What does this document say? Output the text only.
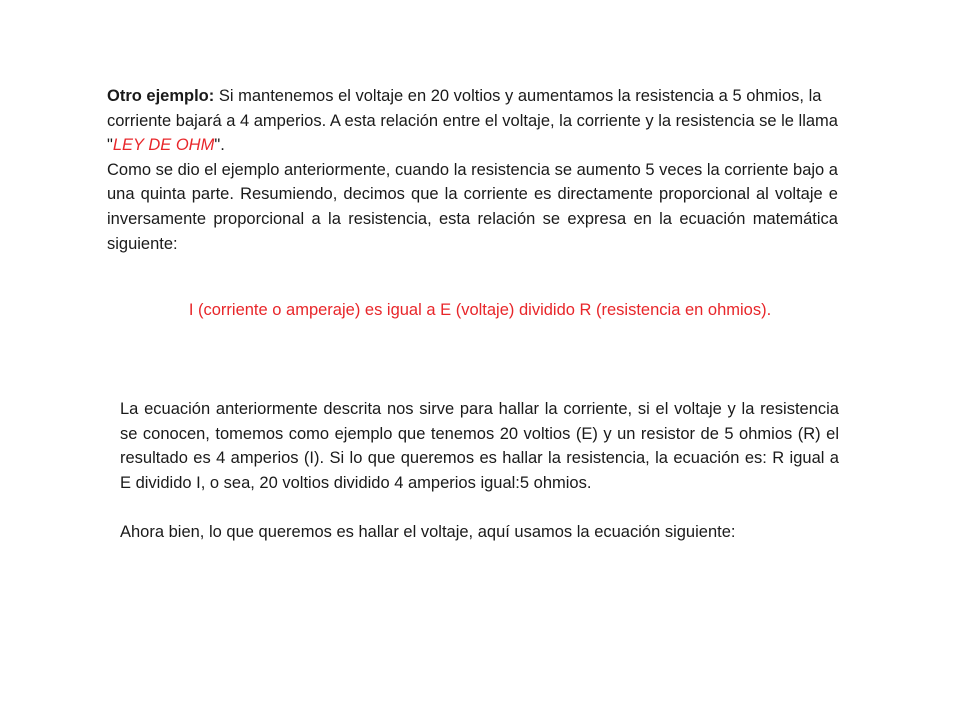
Otro ejemplo: Si mantenemos el voltaje en 20 voltios y aumentamos la resistencia a 5 ohmios, la corriente bajará a 4 amperios. A esta relación entre el voltaje, la corriente y la resistencia se le llama "LEY DE OHM".

Como se dio el ejemplo anteriormente, cuando la resistencia se aumento 5 veces la corriente bajo a una quinta parte. Resumiendo, decimos que la corriente es directamente proporcional al voltaje e inversamente proporcional a la resistencia, esta relación se expresa en la ecuación matemática siguiente:

I (corriente o amperaje) es igual a E (voltaje) dividido R (resistencia en ohmios).

La ecuación anteriormente descrita nos sirve para hallar la corriente, si el voltaje y la resistencia se conocen, tomemos como ejemplo que tenemos 20 voltios (E) y un resistor de 5 ohmios (R) el resultado es 4 amperios (I). Si lo que queremos es hallar la resistencia, la ecuación es: R igual a E dividido I, o sea, 20 voltios dividido 4 amperios igual:5 ohmios.

Ahora bien, lo que queremos es hallar el voltaje, aquí usamos la ecuación siguiente:
